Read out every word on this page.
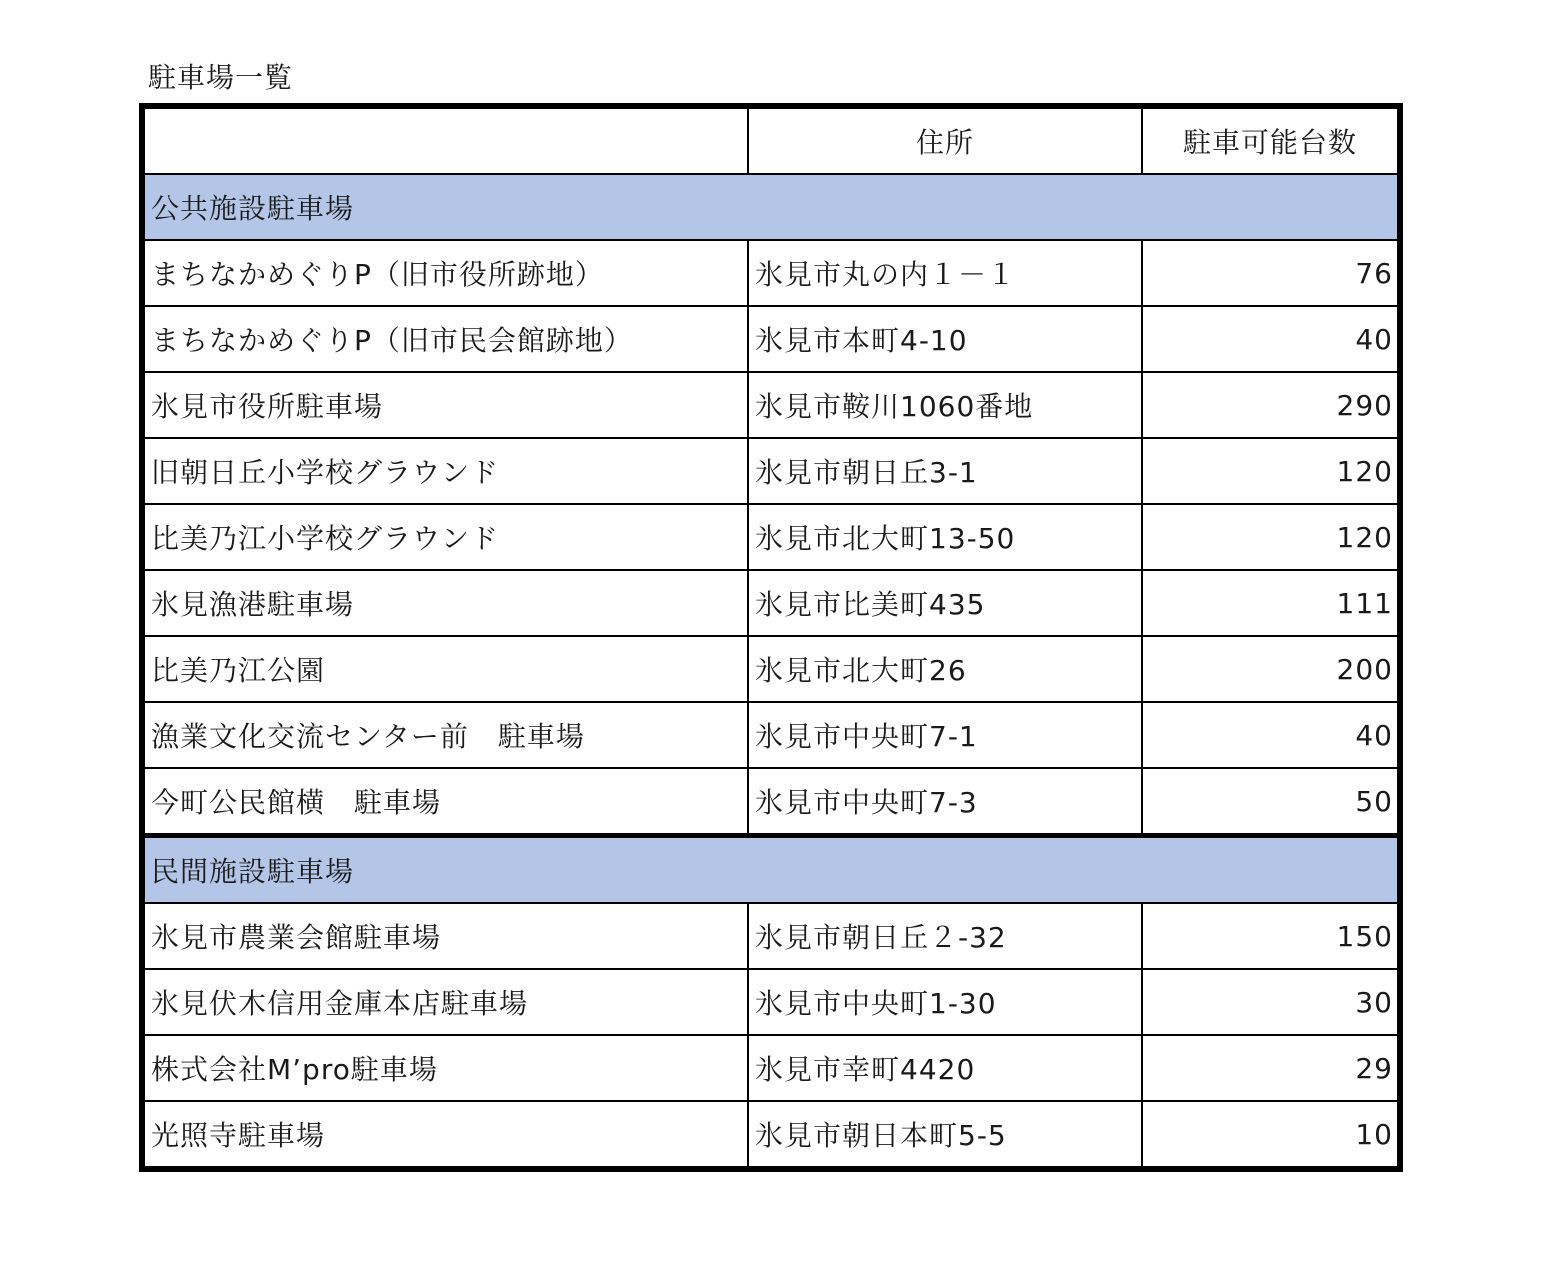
駐車場一覧
	住所	駐車可能台数
公共施設駐車場		
まちなかめぐりP（旧市役所跡地）	氷見市丸の内１－１	76
まちなかめぐりP（旧市民会館跡地）	氷見市本町4-10	40
氷見市役所駐車場	氷見市鞍川1060番地	290
旧朝日丘小学校グラウンド	氷見市朝日丘3-1	120
比美乃江小学校グラウンド	氷見市北大町13-50	120
氷見漁港駐車場	氷見市比美町435	111
比美乃江公園	氷見市北大町26	200
漁業文化交流センター前　駐車場	氷見市中央町7-1	40
今町公民館横　駐車場	氷見市中央町7-3	50
民間施設駐車場		
氷見市農業会館駐車場	氷見市朝日丘２-32	150
氷見伏木信用金庫本店駐車場	氷見市中央町1-30	30
株式会社M’pro駐車場	氷見市幸町4420	29
光照寺駐車場	氷見市朝日本町5-5	10
